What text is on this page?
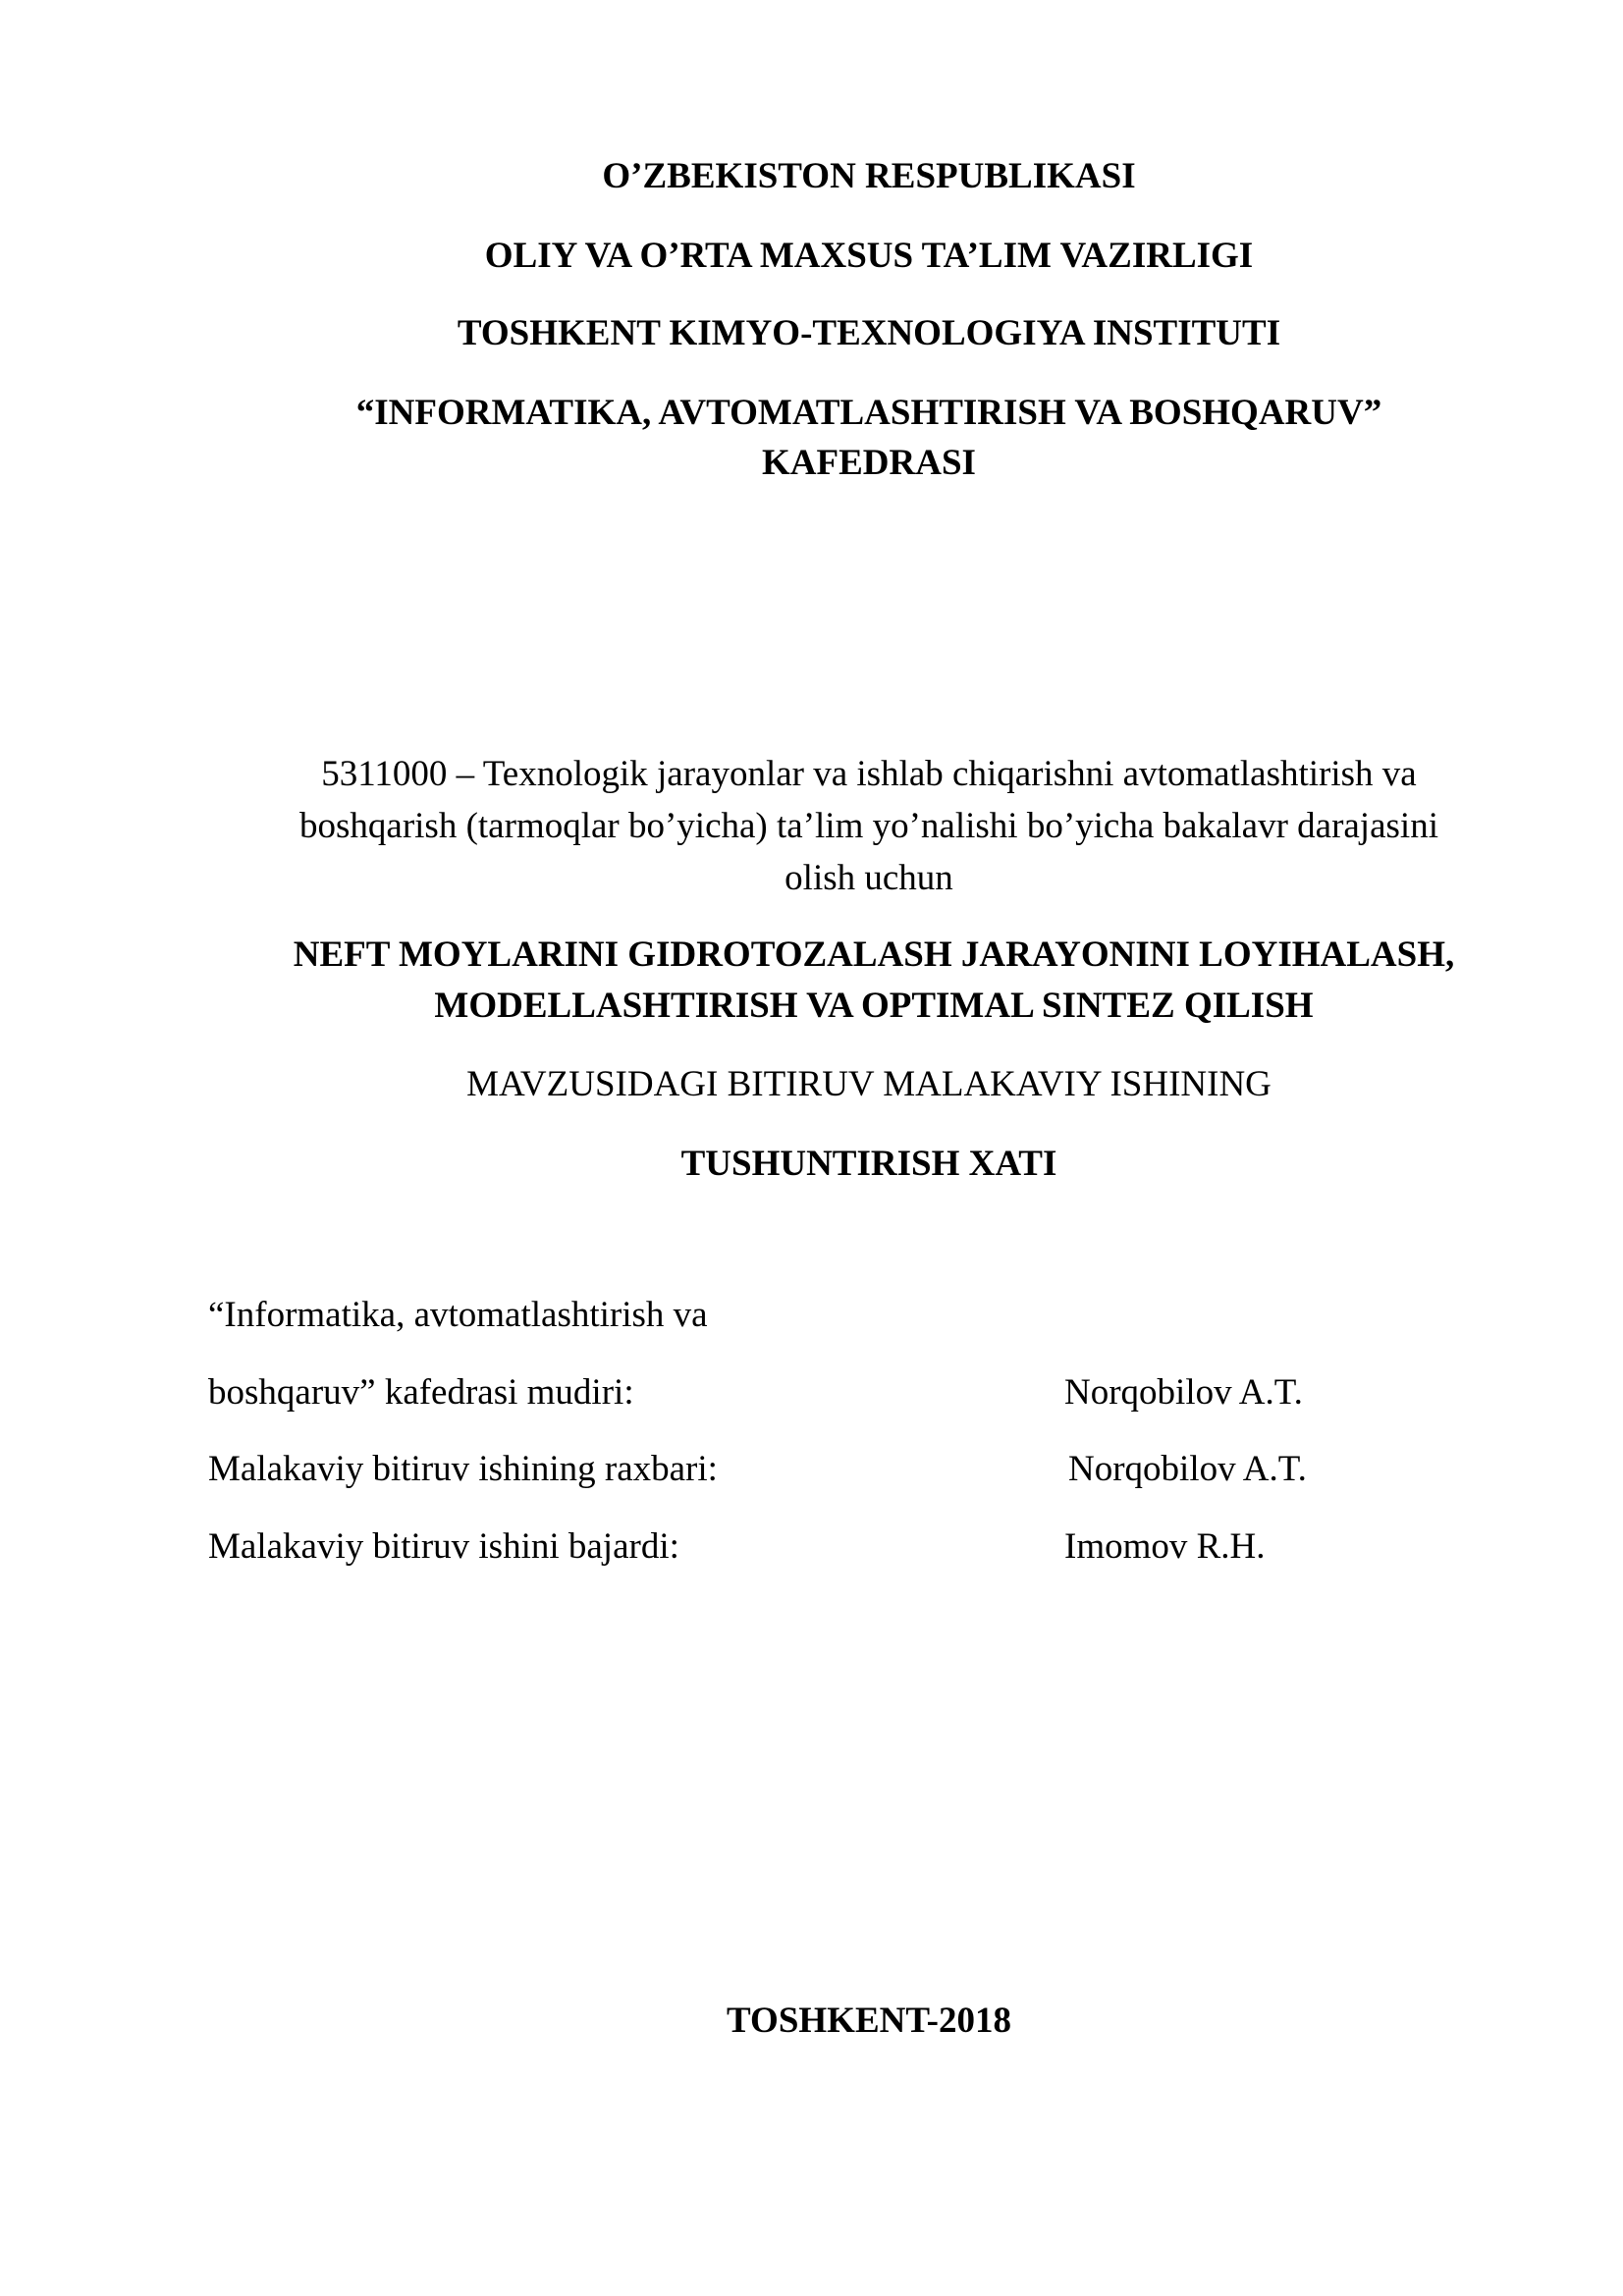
O’ZBEKISTON RESPUBLIKASI
OLIY VA O’RTA MAXSUS TA’LIM VAZIRLIGI
TOSHKENT KIMYO-TEXNOLOGIYA INSTITUTI
“INFORMATIKA, AVTOMATLASHTIRISH VA BOSHQARUV”
KAFEDRASI
5311000 – Texnologik jarayonlar va ishlab chiqarishni avtomatlashtirish va
boshqarish (tarmoqlar bo’yicha) ta’lim yo’nalishi bo’yicha bakalavr darajasini
olish uchun
NEFT MOYLARINI GIDROTOZALASH JARAYONINI LOYIHALASH,
MODELLASHTIRISH VA OPTIMAL SINTEZ QILISH
MAVZUSIDAGI BITIRUV MALAKAVIY ISHINING
TUSHUNTIRISH XATI
“Informatika, avtomatlashtirish va
boshqaruv” kafedrasi mudiri:	Norqobilov A.T.
Malakaviy bitiruv ishining raxbari:	Norqobilov A.T.
Malakaviy bitiruv ishini bajardi:	Imomov R.H.
TOSHKENT-2018
